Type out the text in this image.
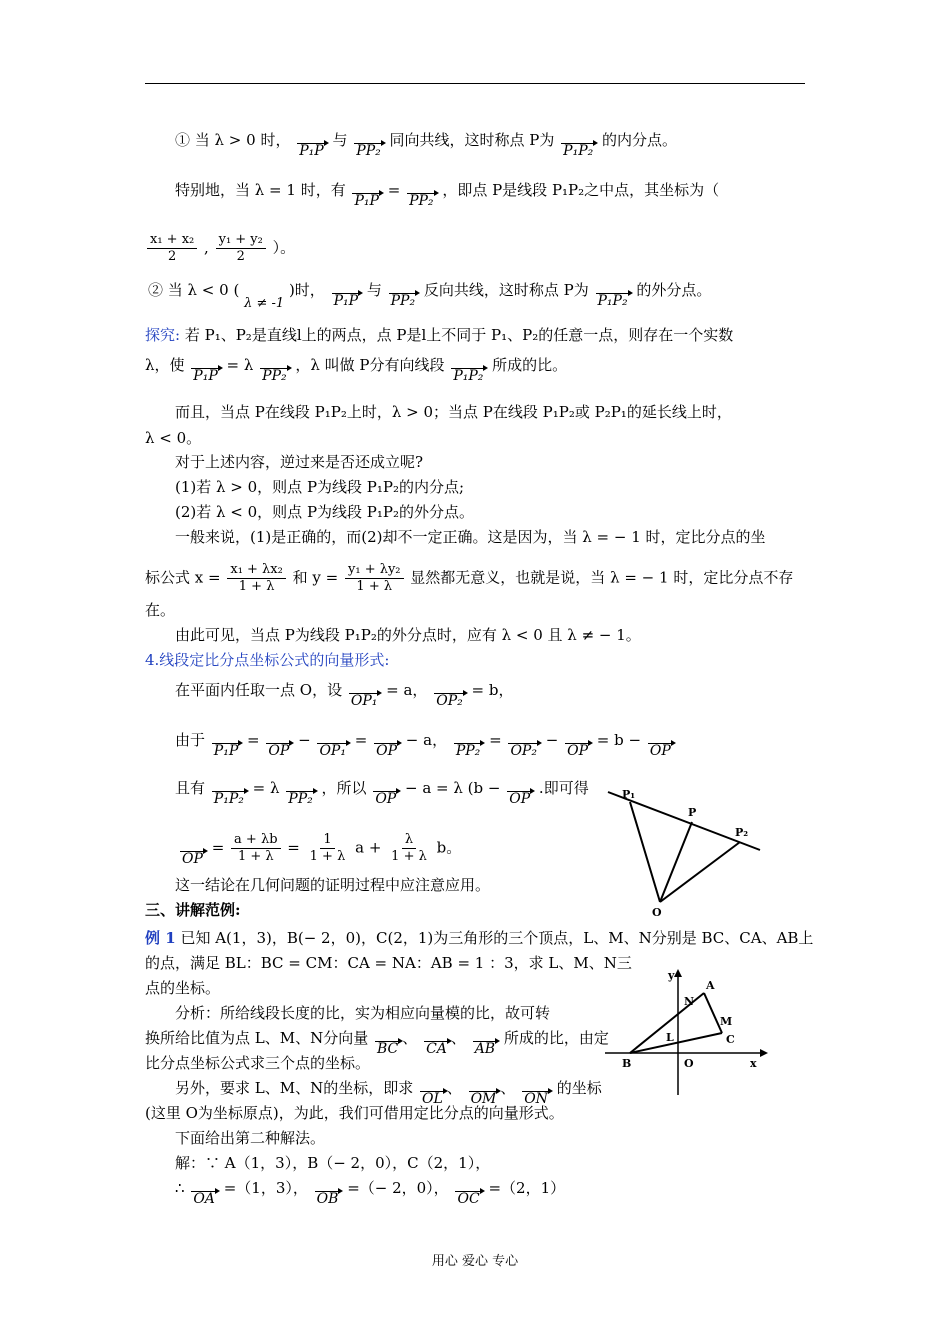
① 当 λ > 0 时， P₁P 与 PP₂ 同向共线，这时称点 P为 P₁P₂ 的内分点。
特别地，当 λ = 1 时，有 P₁P = PP₂ ，即点 P是线段 P₁P₂之中点，其坐标为（
$\frac{\text{x₁ + x₂}}{2}$ , $\frac{\text{y₁ + y₂}}{2}$ ）。
② 当 λ < 0 ( λ ≠ -1 )时， P₁P 与 PP₂ 反向共线，这时称点 P为 P₁P₂ 的外分点。
探究: 若 P₁、P₂是直线l上的两点，点 P是l上不同于 P₁、P₂的任意一点，则存在一个实数
λ，使 P₁P = λ PP₂ ，λ 叫做 P分有向线段 P₁P₂ 所成的比。
而且，当点 P在线段 P₁P₂上时，λ > 0；当点 P在线段 P₁P₂或 P₂P₁的延长线上时，
λ < 0。
对于上述内容，逆过来是否还成立呢?
(1)若 λ > 0，则点 P为线段 P₁P₂的内分点;
(2)若 λ < 0，则点 P为线段 P₁P₂的外分点。
一般来说，(1)是正确的，而(2)却不一定正确。这是因为，当 λ = − 1 时，定比分点的坐
标公式 $x = \frac{\text{x₁ + λx₂}}{1 + \lambda}$ 和 $y = \frac{\text{y₁ + λy₂}}{1 + \lambda}$ 显然都无意义，也就是说，当 λ = − 1 时，定比分点不存
在。
由此可见，当点 P为线段 P₁P₂的外分点时，应有 λ < 0 且 λ ≠ − 1。
4.线段定比分点坐标公式的向量形式:
在平面内任取一点 O，设 OP₁ = a， OP₂ = b，
由于 P₁P = OP − OP₁ = OP − a， PP₂ = OP₂ − OP = b − OP
且有 P₁P₂ = λ PP₂ ，所以 OP − a = λ (b − OP .即可得
OP = $\frac{a + \lambda b}{1 + \lambda} = \frac{1}{1 + \lambda}$ $a + \frac{\lambda}{1 + \lambda}$ b。
这一结论在几何问题的证明过程中应注意应用。
三、讲解范例:
例 1 已知 A(1，3)，B(− 2，0)，C(2，1)为三角形的三个顶点，L、M、N分别是 BC、CA、AB上
的点，满足 BL：BC = CM：CA = NA：AB = 1 ：3，求 L、M、N三
点的坐标。
分析：所给线段长度的比，实为相应向量模的比，故可转
换所给比值为点 L、M、N分向量 BC、 CA、 AB 所成的比，由定
比分点坐标公式求三个点的坐标。
另外，要求 L、M、N的坐标，即求 OL、 OM、 ON 的坐标
(这里 O为坐标原点)，为此，我们可借用定比分点的向量形式。
下面给出第二种解法。
解：∵ A（1，3），B（− 2，0），C（2，1），
∴ OA =（1，3）， OB =（− 2，0）， OC =（2，1）
P₁
P
P₂
O
y
N
A
M
L	C
B	O	x
用心 爱心 专心
